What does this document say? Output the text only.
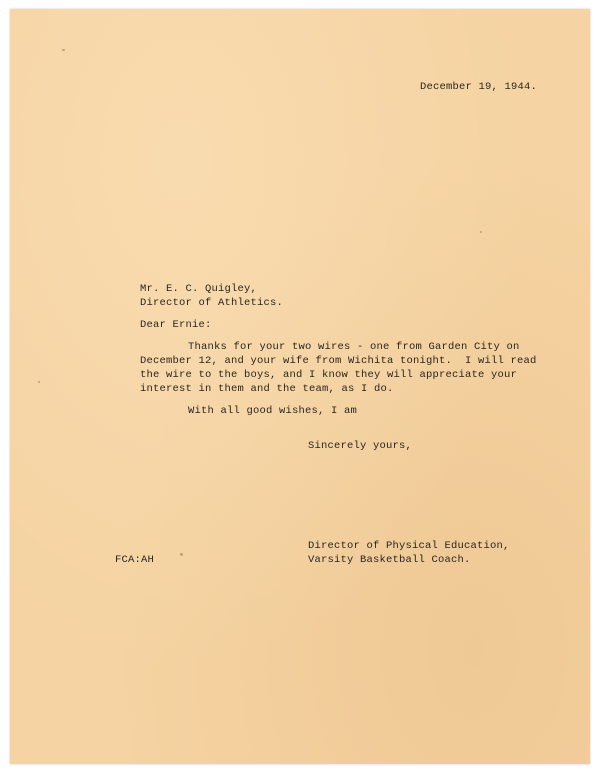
December 19, 1944.

Mr. E. C. Quigley,

Director of Athletics.

Dear Ernie:

Thanks for your two wires - one from Garden City on

December 12, and your wife from Wichita tonight.  I will read

the wire to the boys, and I know they will appreciate your

interest in them and the team, as I do.

With all good wishes, I am

Sincerely yours,

Director of Physical Education,

Varsity Basketball Coach.

FCA:AH
